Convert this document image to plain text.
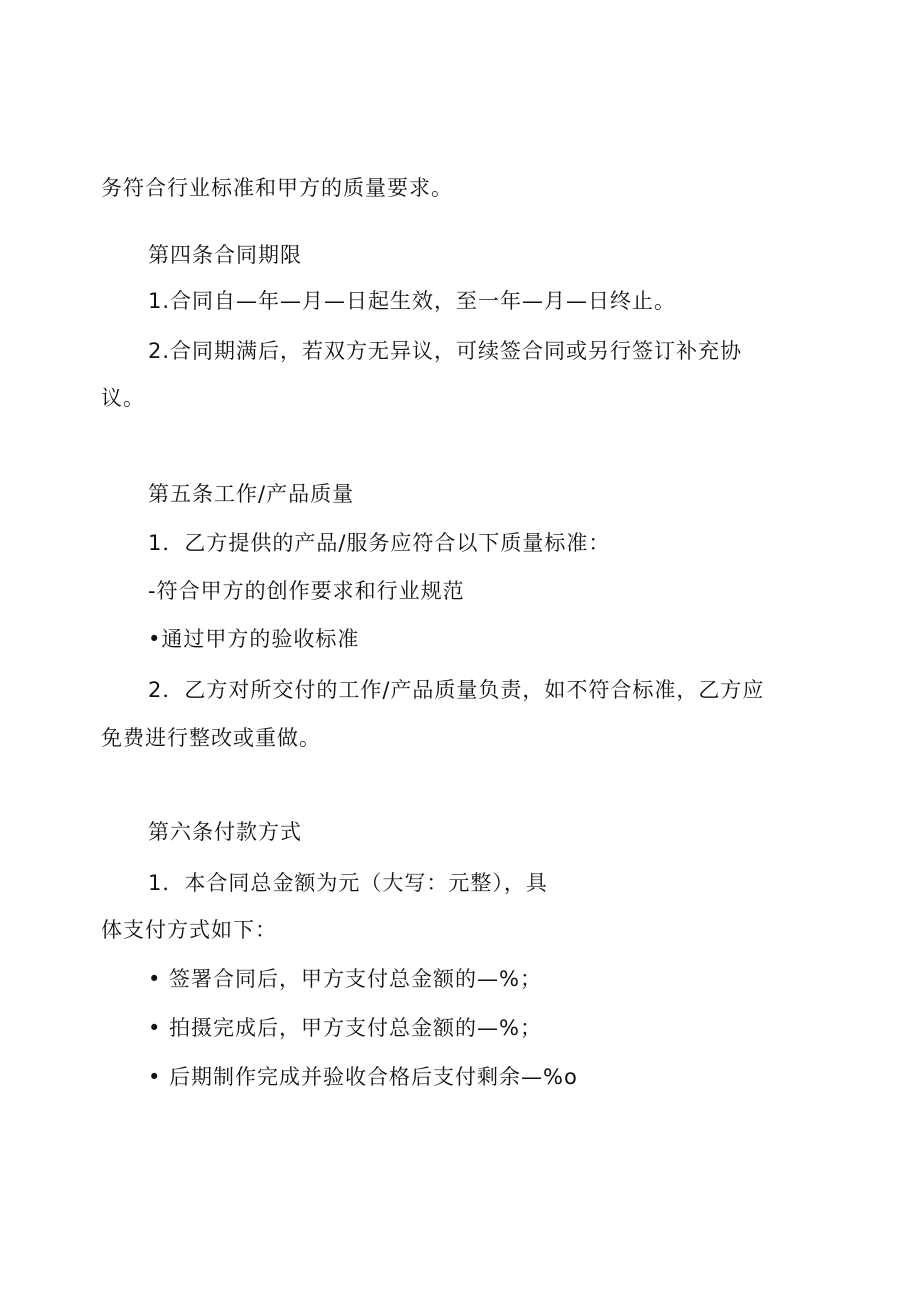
务符合行业标准和甲方的质量要求。
第四条合同期限
1.合同自—年—月—日起生效，至一年—月—日终止。
2.合同期满后，若双方无异议，可续签合同或另行签订补充协
议。
第五条工作/产品质量
1．乙方提供的产品/服务应符合以下质量标准：
-符合甲方的创作要求和行业规范
•通过甲方的验收标准
2．乙方对所交付的工作/产品质量负责，如不符合标准，乙方应
免费进行整改或重做。
第六条付款方式
1．本合同总金额为元（大写：元整），具
体支付方式如下：
• 签署合同后，甲方支付总金额的—%；
• 拍摄完成后，甲方支付总金额的—%；
• 后期制作完成并验收合格后支付剩余—%o
